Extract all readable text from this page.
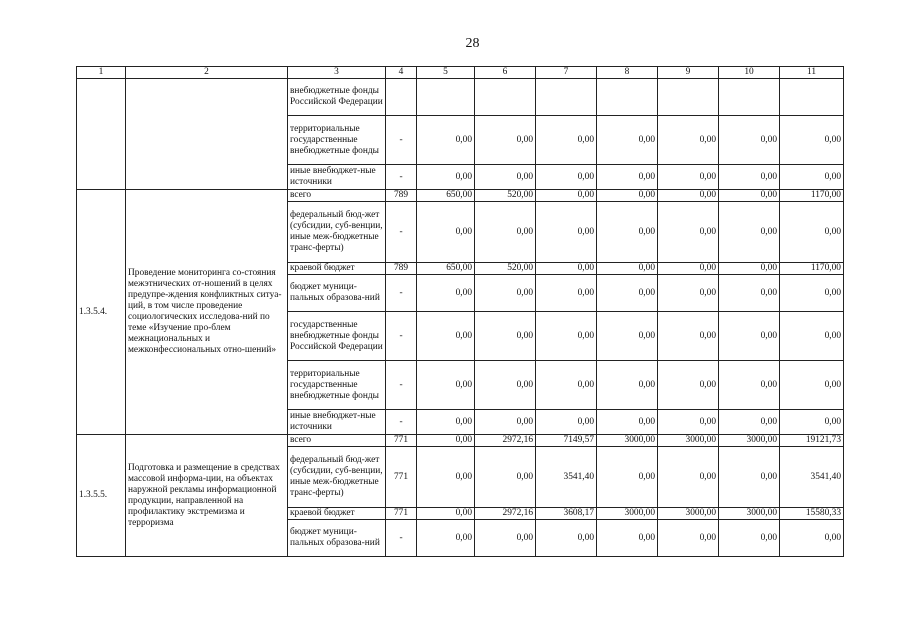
28
1	2	3	4	5	6	7	8	9	10	11
		внебюджетные фонды Российской Федерации								
		территориальные государственные внебюджетные фонды	-	0,00	0,00	0,00	0,00	0,00	0,00	0,00
		иные внебюджет-ные источники	-	0,00	0,00	0,00	0,00	0,00	0,00	0,00
1.3.5.4.	Проведение мониторинга со-стояния межэтнических от-ношений в целях предупре-ждения конфликтных ситуа-ций, в том числе проведение социологических исследова-ний по теме «Изучение про-блем межнациональных и межконфессиональных отно-шений»	всего	789	650,00	520,00	0,00	0,00	0,00	0,00	1170,00
		федеральный бюд-жет (субсидии, суб-венции, иные меж-бюджетные транс-ферты)	-	0,00	0,00	0,00	0,00	0,00	0,00	0,00
		краевой бюджет	789	650,00	520,00	0,00	0,00	0,00	0,00	1170,00
		бюджет муници-пальных образова-ний	-	0,00	0,00	0,00	0,00	0,00	0,00	0,00
		государственные внебюджетные фонды Российской Федерации	-	0,00	0,00	0,00	0,00	0,00	0,00	0,00
		территориальные государственные внебюджетные фонды	-	0,00	0,00	0,00	0,00	0,00	0,00	0,00
		иные внебюджет-ные источники	-	0,00	0,00	0,00	0,00	0,00	0,00	0,00
1.3.5.5.	Подготовка и размещение в средствах массовой информа-ции, на объектах наружной рекламы информационной продукции, направленной на профилактику экстремизма и терроризма	всего	771	0,00	2972,16	7149,57	3000,00	3000,00	3000,00	19121,73
		федеральный бюд-жет (субсидии, суб-венции, иные меж-бюджетные транс-ферты)	771	0,00	0,00	3541,40	0,00	0,00	0,00	3541,40
		краевой бюджет	771	0,00	2972,16	3608,17	3000,00	3000,00	3000,00	15580,33
		бюджет муници-пальных образова-ний	-	0,00	0,00	0,00	0,00	0,00	0,00	0,00
